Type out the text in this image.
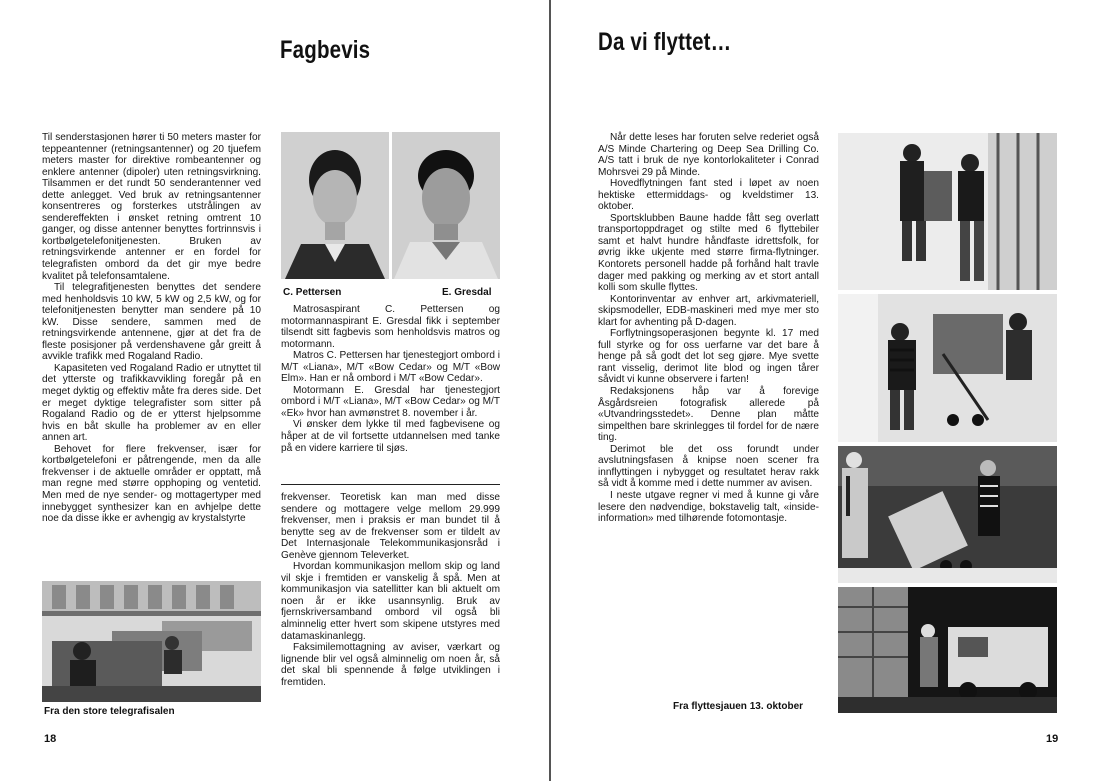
Fagbevis

Til senderstasjonen hører ti 50 meters master for teppeantenner (retningsantenner) og 20 tjuefem meters master for direktive rombeantenner og enklere antenner (dipoler) uten retningsvirkning. Tilsammen er det rundt 50 senderantenner ved dette anlegget. Ved bruk av retningsantenner konsentreres og forsterkes utstrålingen av sendereffekten i ønsket retning omtrent 10 ganger, og disse antenner benyttes fortrinnsvis i kortbølgetelefonitjenesten. Bruken av retningsvirkende antenner er en fordel for telegrafisten ombord da det gir mye bedre kvalitet på telefonsamtalene.

Til telegrafitjenesten benyttes det sendere med henholdsvis 10 kW, 5 kW og 2,5 kW, og for telefonitjenesten benytter man sendere på 10 kW. Disse sendere, sammen med de retningsvirkende antennene, gjør at det fra de fleste posisjoner på verdenshavene går greitt å avvikle trafikk med Rogaland Radio.

Kapasiteten ved Rogaland Radio er utnyttet til det ytterste og trafikkavvikling foregår på en meget dyktig og effektiv måte fra deres side. Det er meget dyktige telegrafister som sitter på Rogaland Radio og de er ytterst hjelpsomme hvis en båt skulle ha problemer av en eller annen art.

Behovet for flere frekvenser, især for kortbølgetelefoni er påtrengende, men da alle frekvenser i de aktuelle områder er opptatt, må man regne med større opphoping og ventetid. Men med de nye sender- og mottagertyper med innebygget synthesizer kan en avhjelpe dette noe da disse ikke er avhengig av krystalstyrte

Fra den store telegrafisalen
C. Pettersen	E. Gresdal

Matrosaspirant C. Pettersen og motormannaspirant E. Gresdal fikk i september tilsendt sitt fagbevis som henholdsvis matros og motormann.

Matros C. Pettersen har tjenestegjort ombord i M/T «Liana», M/T «Bow Cedar» og M/T «Bow Elm». Han er nå ombord i M/T «Bow Cedar».

Motormann E. Gresdal har tjenestegjort ombord i M/T «Liana», M/T «Bow Cedar» og M/T «Ek» hvor han avmønstret 8. november i år.

Vi ønsker dem lykke til med fagbevisene og håper at de vil fortsette utdannelsen med tanke på en videre karriere til sjøs.

frekvenser. Teoretisk kan man med disse sendere og mottagere velge mellom 29.999 frekvenser, men i praksis er man bundet til å benytte seg av de frekvenser som er tildelt av Det Internasjonale Telekommunikasjonsråd i Genève gjennom Televerket.

Hvordan kommunikasjon mellom skip og land vil skje i fremtiden er vanskelig å spå. Men at kommunikasjon via satellitter kan bli aktuelt om noen år er ikke usannsynlig. Bruk av fjernskriversamband ombord vil også bli alminnelig etter hvert som skipene utstyres med datamaskinanlegg.

Faksimilemottagning av aviser, værkart og lignende blir vel også alminnelig om noen år, så det skal bli spennende å følge utviklingen i fremtiden.

18
Da vi flyttet…

Når dette leses har foruten selve rederiet også A/S Minde Chartering og Deep Sea Drilling Co. A/S tatt i bruk de nye kontorlokaliteter i Conrad Mohrsvei 29 på Minde.

Hovedflytningen fant sted i løpet av noen hektiske ettermiddags- og kveldstimer 13. oktober.

Sportsklubben Baune hadde fått seg overlatt transportoppdraget og stilte med 6 flyttebiler samt et halvt hundre håndfaste idrettsfolk, for øvrig ikke ukjente med større firma-flytninger. Kontorets personell hadde på forhånd halt travle dager med pakking og merking av et stort antall kolli som skulle flyttes.

Kontorinventar av enhver art, arkivmateriell, skipsmodeller, EDB-maskineri med mye mer sto klart for avhenting på D-dagen.

Forflytningsoperasjonen begynte kl. 17 med full styrke og for oss uerfarne var det bare å henge på så godt det lot seg gjøre. Mye svette rant visselig, derimot lite blod og ingen tårer såvidt vi kunne observere i farten!

Redaksjonens håp var å forevige Åsgårdsreien fotografisk allerede på «Utvandringsstedet». Denne plan måtte simpelthen bare skrinlegges til fordel for de nære ting.

Derimot ble det oss forundt under avslutningsfasen å knipse noen scener fra innflyttingen i nybygget og resultatet herav rakk så vidt å komme med i dette nummer av avisen.

I neste utgave regner vi med å kunne gi våre lesere den nødvendige, bokstavelig talt, «inside-information» med tilhørende fotomontasje.

Fra flyttesjauen 13. oktober
19
